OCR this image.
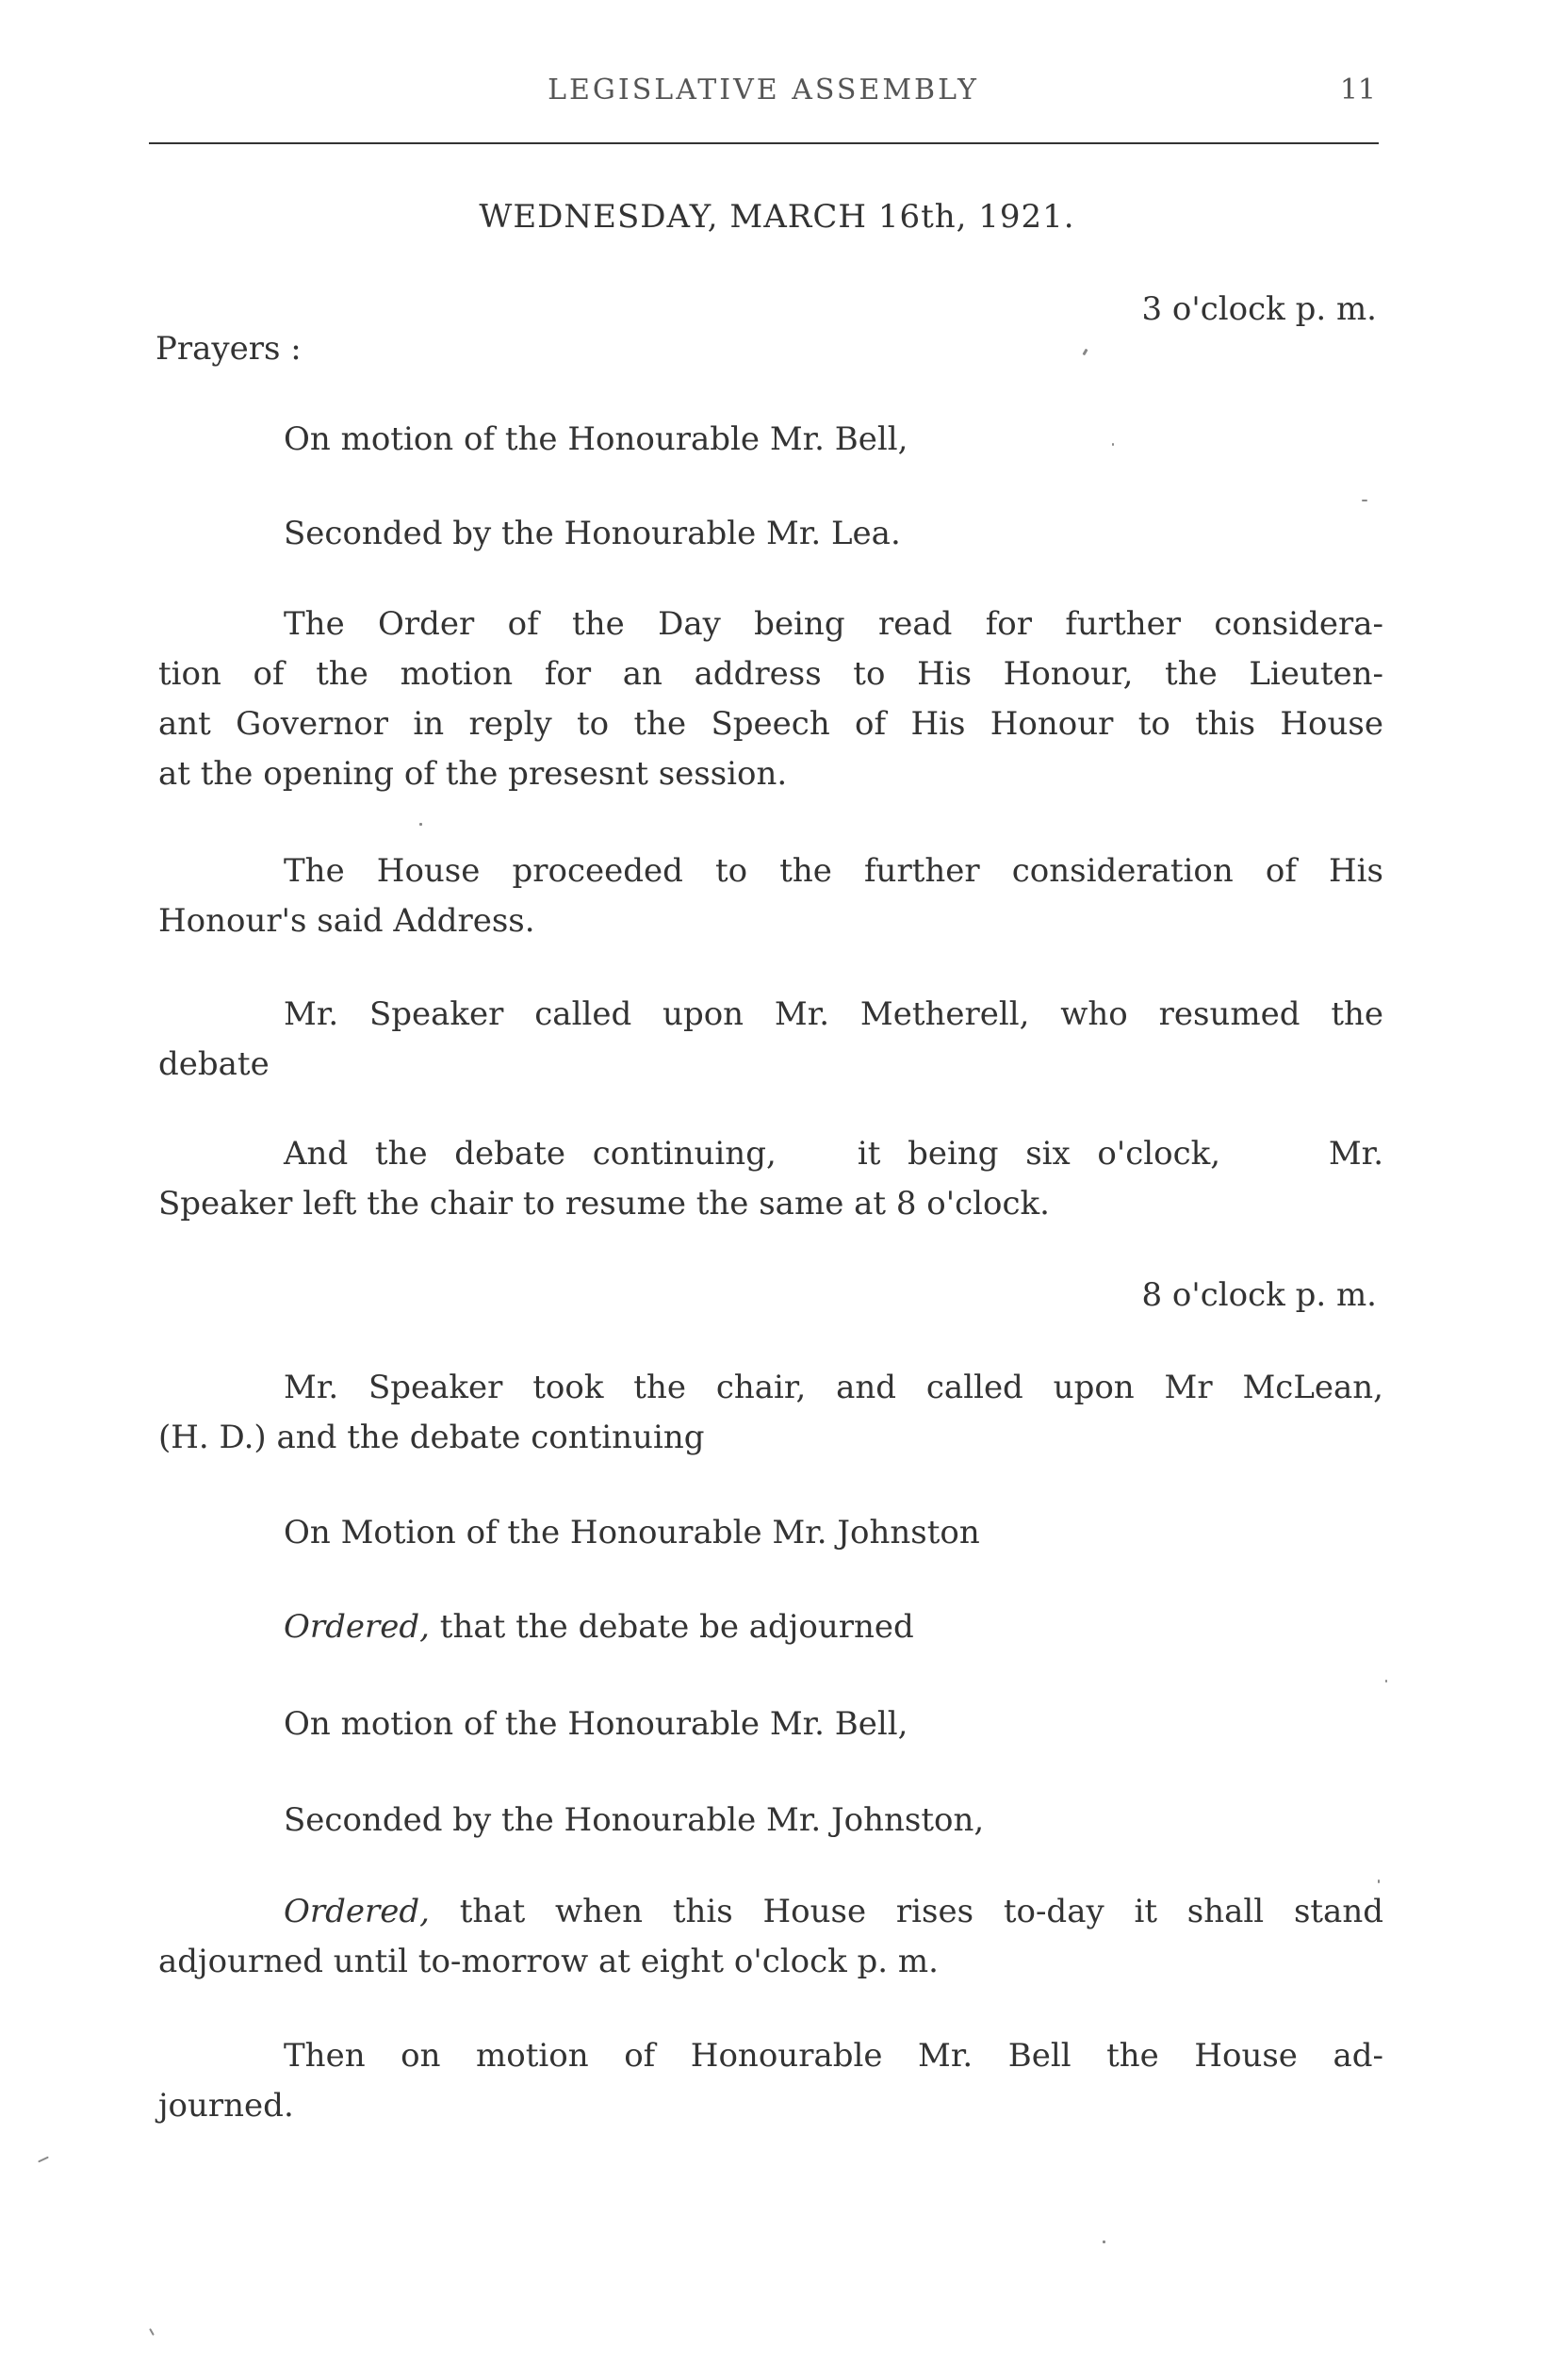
LEGISLATIVE ASSEMBLY	11
WEDNESDAY, MARCH 16th, 1921.
3 o'clock p. m.
Prayers :
On motion of the Honourable Mr. Bell,
Seconded by the Honourable Mr. Lea.
The Order of the Day being read for further considera-
tion of the motion for an address to His Honour, the Lieuten-
ant Governor in reply to the Speech of His Honour to this House
at the opening of the presesnt session.
The House proceeded to the further consideration of His
Honour's said Address.
Mr. Speaker called upon Mr. Metherell, who resumed the
debate
And the debate continuing,   it being six o'clock,    Mr.
Speaker left the chair to resume the same at 8 o'clock.
8 o'clock p. m.
Mr. Speaker took the chair, and called upon Mr McLean,
(H. D.) and the debate continuing
On Motion of the Honourable Mr. Johnston
Ordered, that the debate be adjourned
On motion of the Honourable Mr. Bell,
Seconded by the Honourable Mr. Johnston,
Ordered, that when this House rises to-day it shall stand
adjourned until to-morrow at eight o'clock p. m.
Then on motion of Honourable Mr. Bell the House ad-
journed.
